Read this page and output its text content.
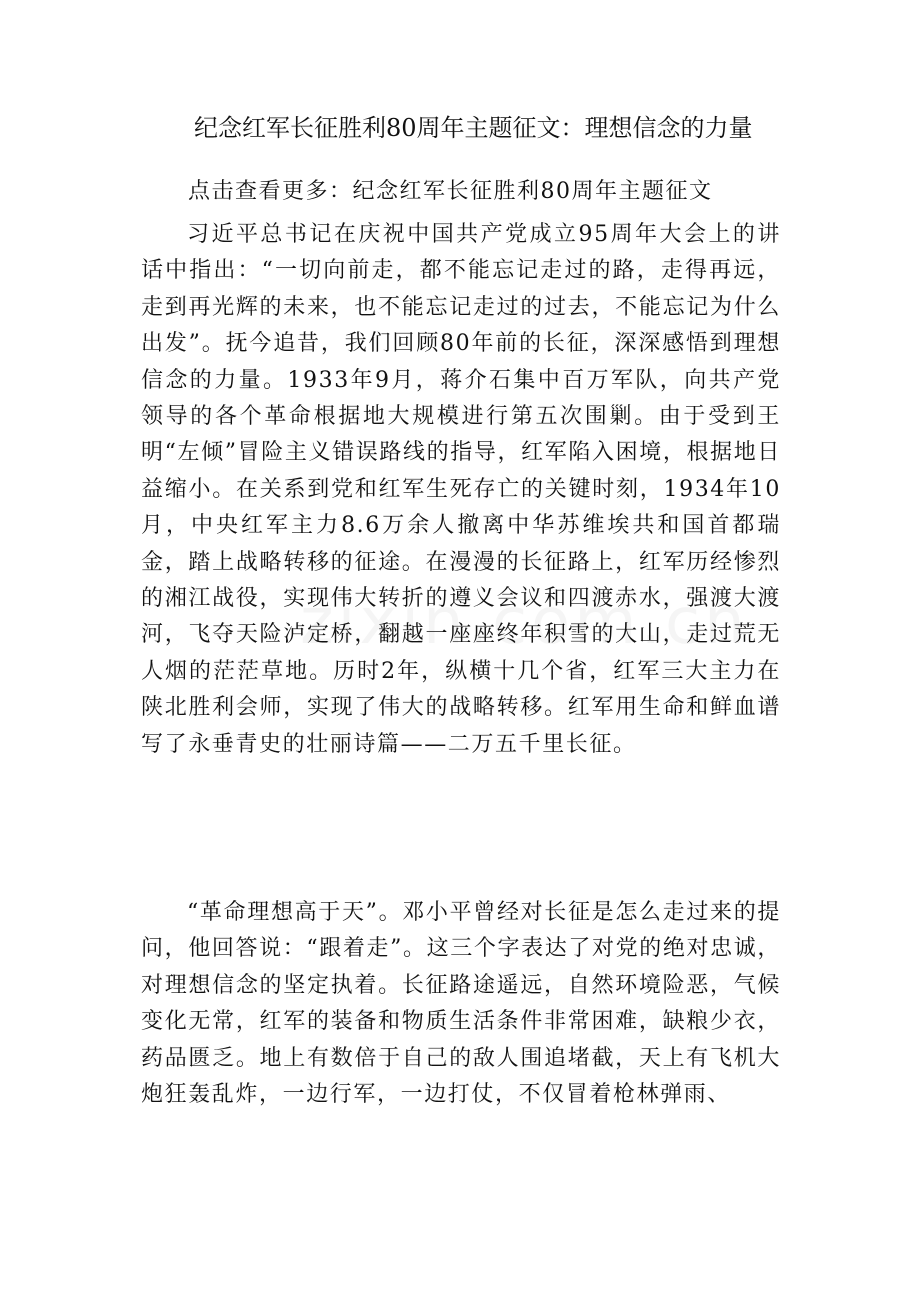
纪念红军长征胜利80周年主题征文：理想信念的力量
点击查看更多：纪念红军长征胜利80周年主题征文

习近平总书记在庆祝中国共产党成立95周年大会上的讲话中指出：“一切向前走，都不能忘记走过的路，走得再远，走到再光辉的未来，也不能忘记走过的过去，不能忘记为什么出发”。抚今追昔，我们回顾80年前的长征，深深感悟到理想信念的力量。1933年9月，蒋介石集中百万军队，向共产党领导的各个革命根据地大规模进行第五次围剿。由于受到王明“左倾”冒险主义错误路线的指导，红军陷入困境，根据地日益缩小。在关系到党和红军生死存亡的关键时刻，1934年10月，中央红军主力8.6万余人撤离中华苏维埃共和国首都瑞金，踏上战略转移的征途。在漫漫的长征路上，红军历经惨烈的湘江战役，实现伟大转折的遵义会议和四渡赤水，强渡大渡河，飞夺天险泸定桥，翻越一座座终年积雪的大山，走过荒无人烟的茫茫草地。历时2年，纵横十几个省，红军三大主力在陕北胜利会师，实现了伟大的战略转移。红军用生命和鲜血谱写了永垂青史的壮丽诗篇——二万五千里长征。

“革命理想高于天”。邓小平曾经对长征是怎么走过来的提问，他回答说：“跟着走”。这三个字表达了对党的绝对忠诚，对理想信念的坚定执着。长征路途遥远，自然环境险恶，气候变化无常，红军的装备和物质生活条件非常困难，缺粮少衣，药品匮乏。地上有数倍于自己的敌人围追堵截，天上有飞机大炮狂轰乱炸，一边行军，一边打仗，不仅冒着枪林弹雨、
